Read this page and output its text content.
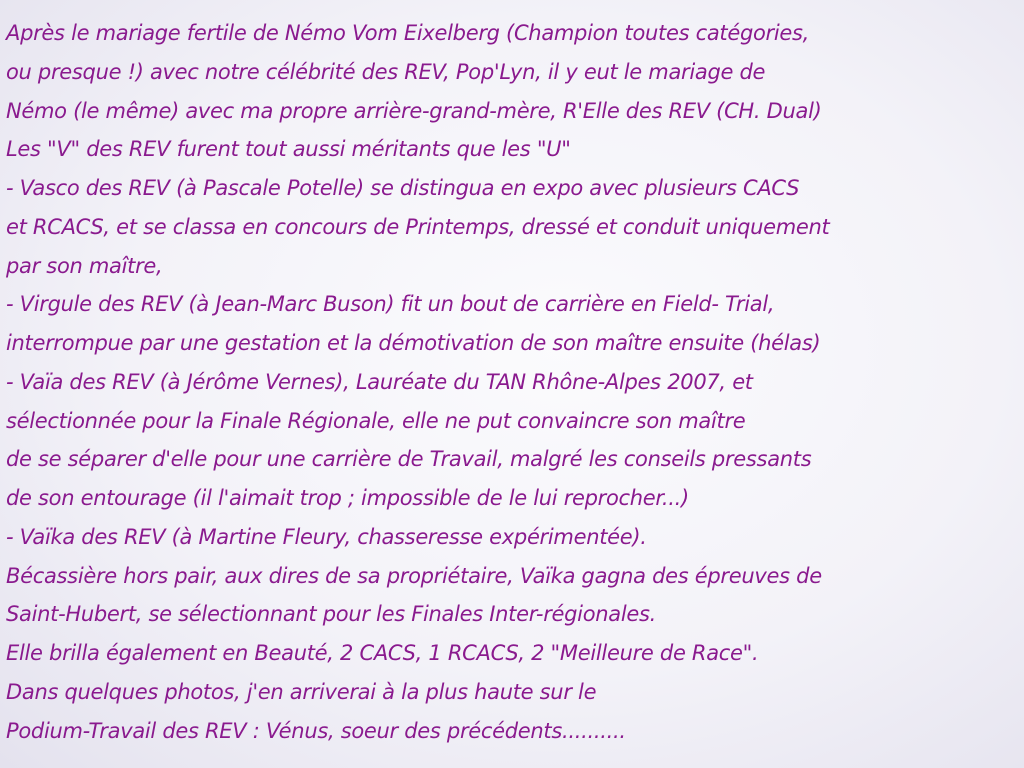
Après le mariage fertile de Némo Vom Eixelberg (Champion toutes catégories,
ou presque !) avec notre célébrité des REV, Pop'Lyn, il y eut le mariage de
Némo (le même) avec ma propre arrière-grand-mère, R'Elle des REV (CH. Dual)
Les "V" des REV furent tout aussi méritants que les "U"
- Vasco des REV (à Pascale Potelle) se distingua en expo avec plusieurs CACS
et RCACS, et se classa en concours de Printemps, dressé et conduit uniquement
par son maître,
- Virgule des REV (à Jean-Marc Buson) fit un bout de carrière en Field- Trial,
interrompue par une gestation et la démotivation de son maître ensuite (hélas)
- Vaïa des REV (à Jérôme Vernes), Lauréate du TAN Rhône-Alpes 2007, et
sélectionnée pour la Finale Régionale, elle ne put convaincre son maître
de se séparer d'elle pour une carrière de Travail, malgré les conseils pressants
de son entourage (il l'aimait trop ; impossible de le lui reprocher...)
- Vaïka des REV (à Martine Fleury, chasseresse expérimentée).
Bécassière hors pair, aux dires de sa propriétaire, Vaïka gagna des épreuves de
Saint-Hubert, se sélectionnant pour les Finales Inter-régionales.
Elle brilla également en Beauté, 2 CACS, 1 RCACS, 2 "Meilleure de Race".
Dans quelques photos, j'en arriverai à la plus haute sur le
Podium-Travail des REV : Vénus, soeur des précédents..........
